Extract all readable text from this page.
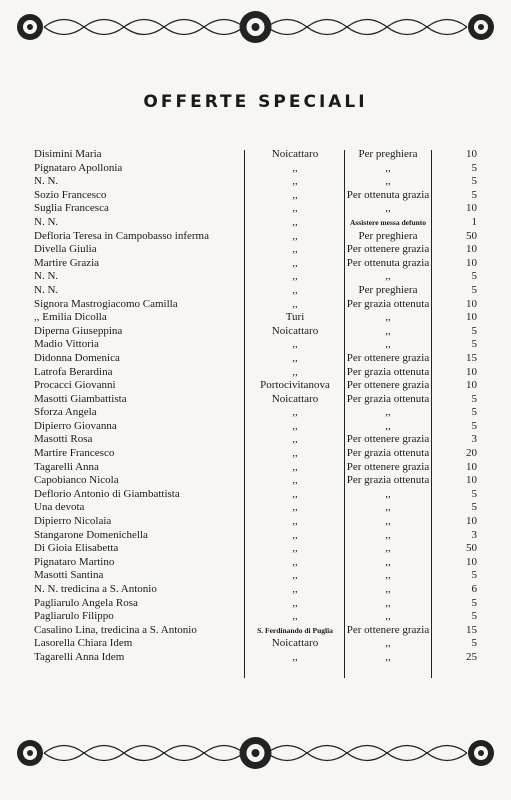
OFFERTE SPECIALI
Disimini Maria	Noicattaro	Per preghiera	10
Pignataro Apollonia	,,	,,	5
N. N.	,,	,,	5
Sozio Francesco	,,	Per ottenuta grazia	5
Suglia Francesca	,,	,,	10
N. N.	,,	Assistere messa defunto	1
Defloria Teresa in Campobasso inferma	,,	Per preghiera	50
Divella Giulia	,,	Per ottenere grazia	10
Martire Grazia	,,	Per ottenuta grazia	10
N. N.	,,	,,	5
N. N.	,,	Per preghiera	5
Signora Mastrogiacomo Camilla	,,	Per grazia ottenuta	10
,, Emilia Dicolla	Turi	,,	10
Diperna Giuseppina	Noicattaro	,,	5
Madio Vittoria	,,	,,	5
Didonna Domenica	,,	Per ottenere grazia	15
Latrofa Berardina	,,	Per grazia ottenuta	10
Procacci Giovanni	Portocivitanova	Per ottenere grazia	10
Masotti Giambattista	Noicattaro	Per grazia ottenuta	5
Sforza Angela	,,	,,	5
Dipierro Giovanna	,,	,,	5
Masotti Rosa	,,	Per ottenere grazia	3
Martire Francesco	,,	Per grazia ottenuta	20
Tagarelli Anna	,,	Per ottenere grazia	10
Capobianco Nicola	,,	Per grazia ottenuta	10
Deflorio Antonio di Giambattista	,,	,,	5
Una devota	,,	,,	5
Dipierro Nicolaia	,,	,,	10
Stangarone Domenichella	,,	,,	3
Di Gioia Elisabetta	,,	,,	50
Pignataro Martino	,,	,,	10
Masotti Santina	,,	,,	5
N. N. tredicina a S. Antonio	,,	,,	6
Pagliarulo Angela Rosa	,,	,,	5
Pagliarulo Filippo	,,	,,	5
Casalino Lina, tredicina a S. Antonio	S. Ferdinando di Puglia	Per ottenere grazia	15
Lasorella Chiara Idem	Noicattaro	,,	5
Tagarelli Anna Idem	,,	,,	25
